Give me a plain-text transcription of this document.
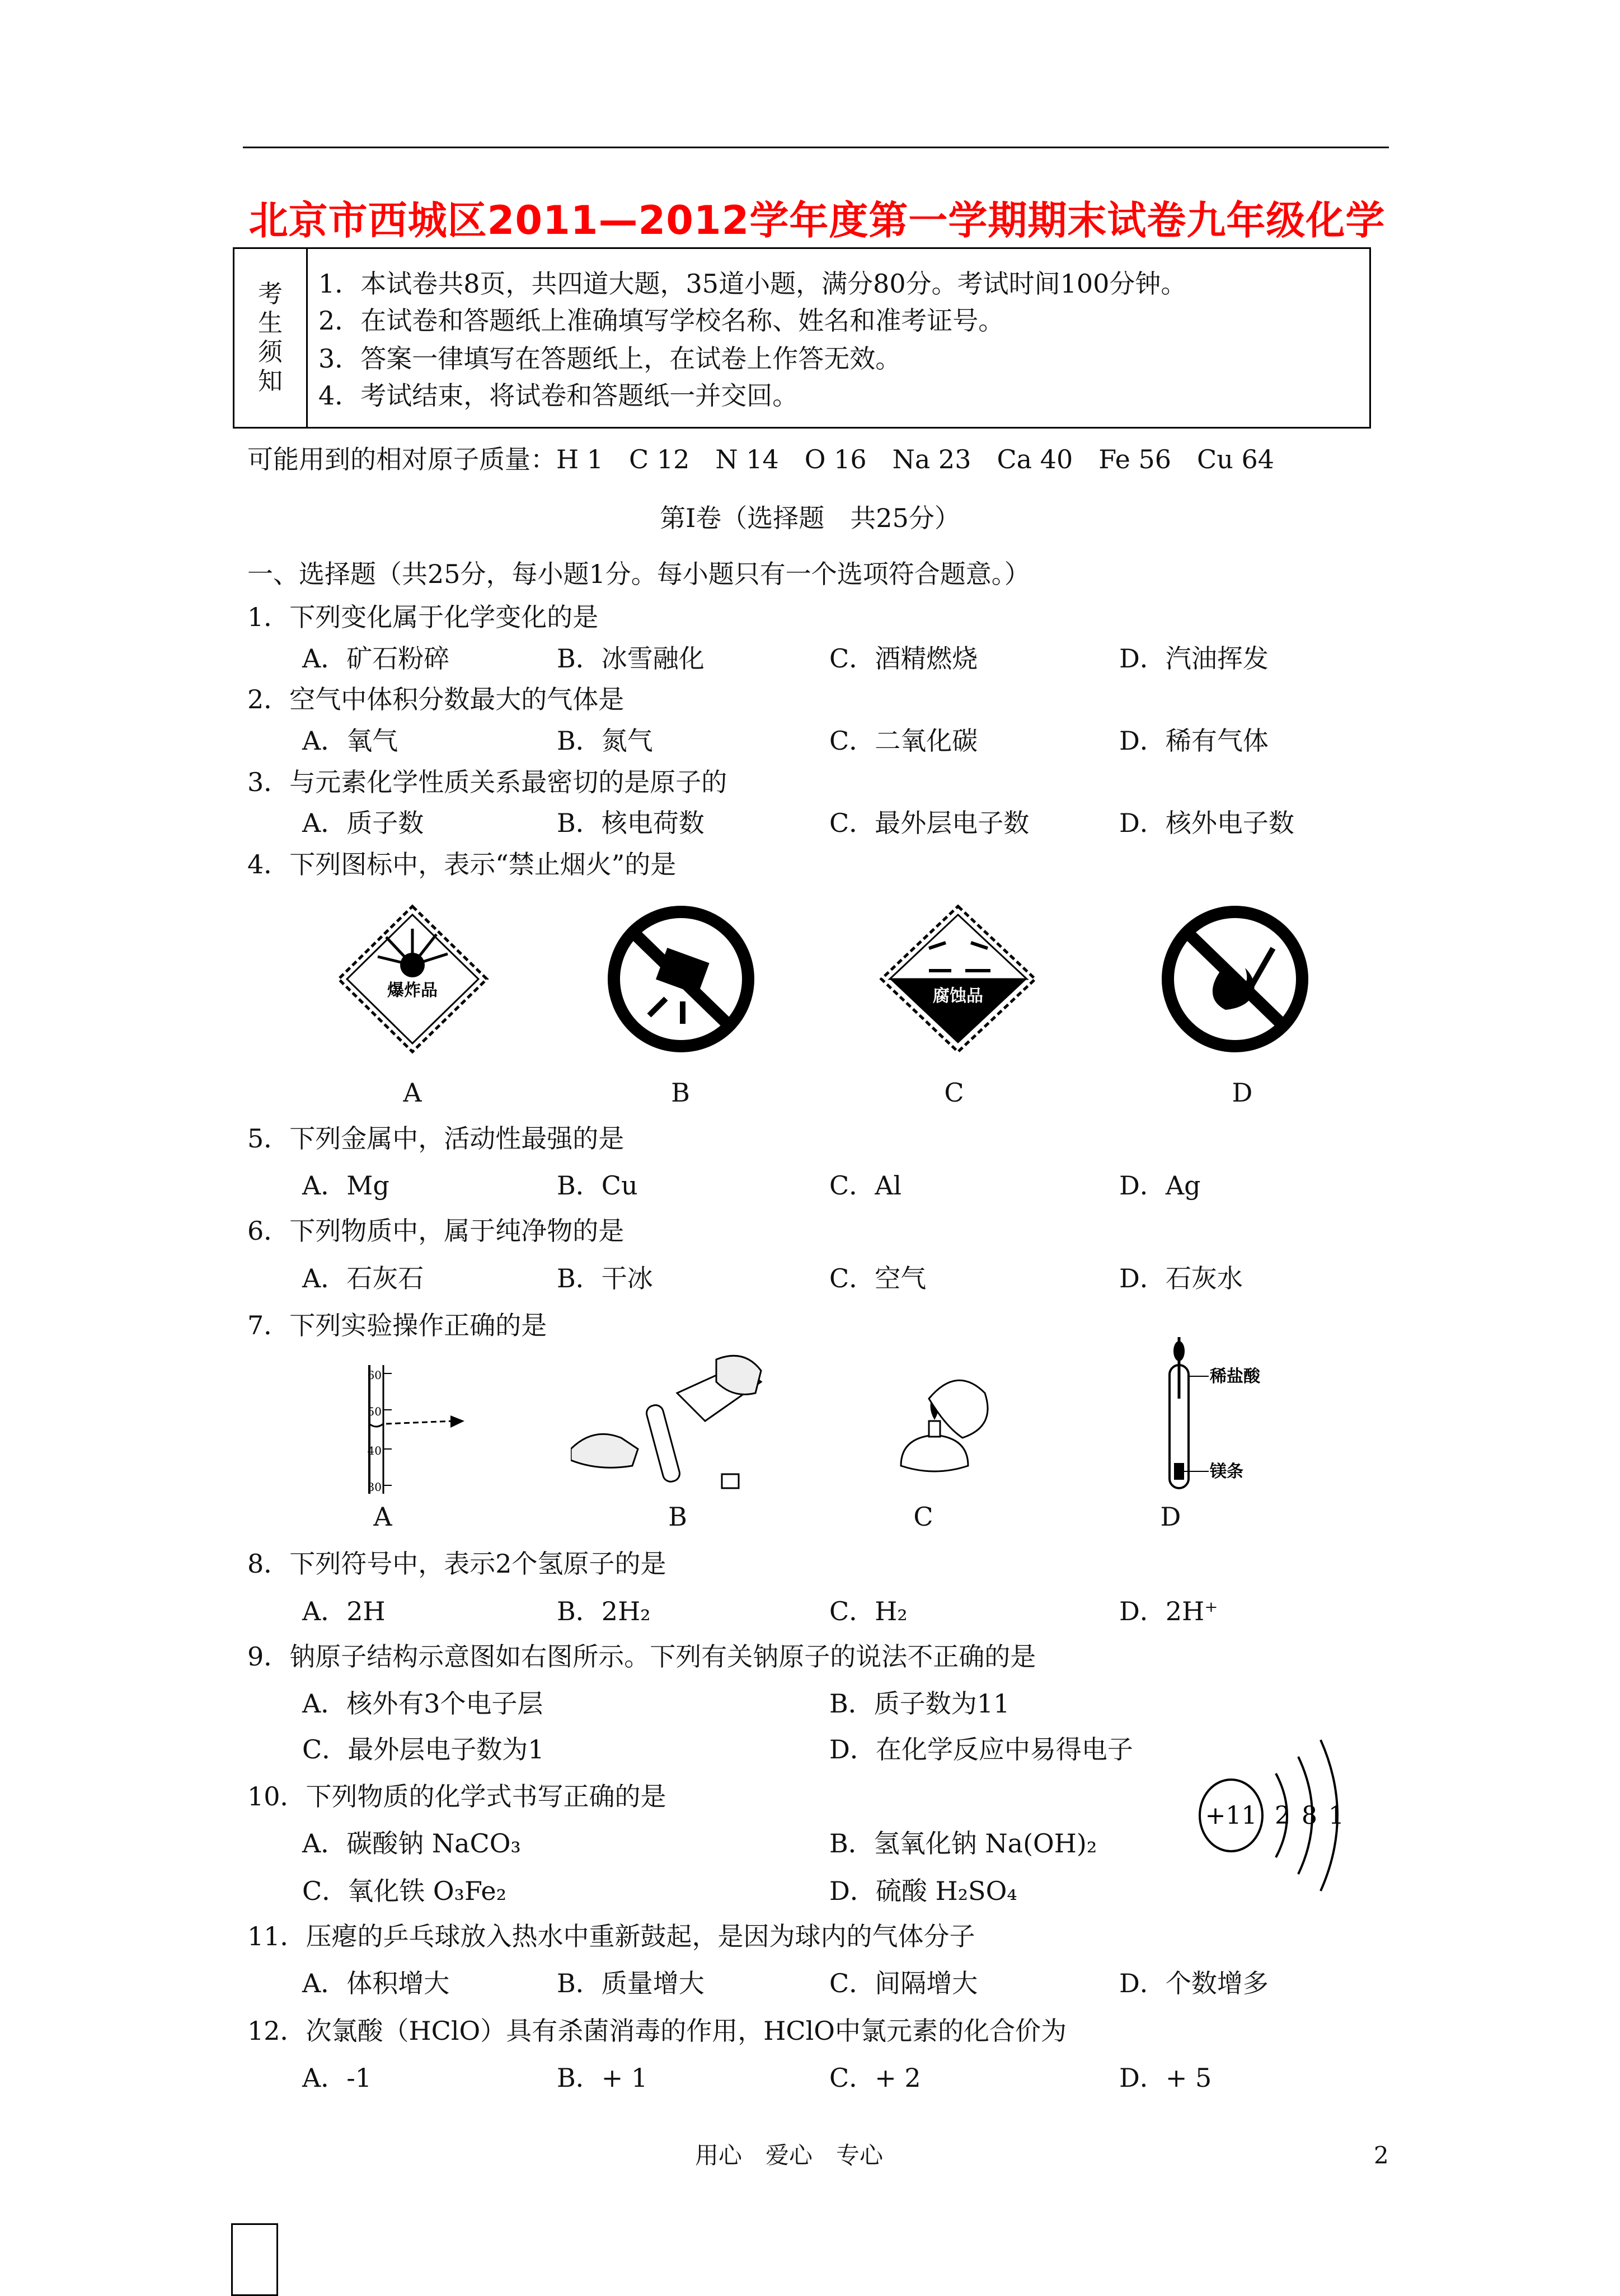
北京市西城区2011—2012学年度第一学期期末试卷九年级化学
考
生
须
知
1．本试卷共8页，共四道大题，35道小题，满分80分。考试时间100分钟。
2．在试卷和答题纸上准确填写学校名称、姓名和准考证号。
3．答案一律填写在答题纸上，在试卷上作答无效。
4．考试结束，将试卷和答题纸一并交回。
可能用到的相对原子质量：H 1　C 12　N 14　O 16　Na 23　Ca 40　Fe 56　Cu 64
第Ⅰ卷（选择题　共25分）
一、选择题（共25分，每小题1分。每小题只有一个选项符合题意。）
1．下列变化属于化学变化的是
A．矿石粉碎	B．冰雪融化	C．酒精燃烧	D．汽油挥发
2．空气中体积分数最大的气体是
A．氧气	B．氮气	C．二氧化碳	D．稀有气体
3．与元素化学性质关系最密切的是原子的
A．质子数	B．核电荷数	C．最外层电子数	D．核外电子数
4．下列图标中，表示“禁止烟火”的是
5．下列金属中，活动性最强的是
A．Mg	B．Cu	C．Al	D．Ag
6．下列物质中，属于纯净物的是
A．石灰石	B．干冰	C．空气	D．石灰水
7．下列实验操作正确的是
8．下列符号中，表示2个氢原子的是
A．2H	B．2H₂	C．H₂	D．2H⁺
9．钠原子结构示意图如右图所示。下列有关钠原子的说法不正确的是
A．核外有3个电子层	B．质子数为11
C．最外层电子数为1	D．在化学反应中易得电子
10．下列物质的化学式书写正确的是
A．碳酸钠 NaCO₃	B．氢氧化钠 Na(OH)₂
C．氧化铁 O₃Fe₂	D．硫酸 H₂SO₄
11．压瘪的乒乓球放入热水中重新鼓起，是因为球内的气体分子
A．体积增大	B．质量增大	C．间隔增大	D．个数增多
12．次氯酸（HClO）具有杀菌消毒的作用，HClO中氯元素的化合价为
A．-1	B．+ 1	C．+ 2	D．+ 5
爆炸品	腐蚀品
A	B	C	D
60
50
40
30
稀盐酸
镁条
A	B	C	D
+11 2 8 1
用心　爱心　专心	2
